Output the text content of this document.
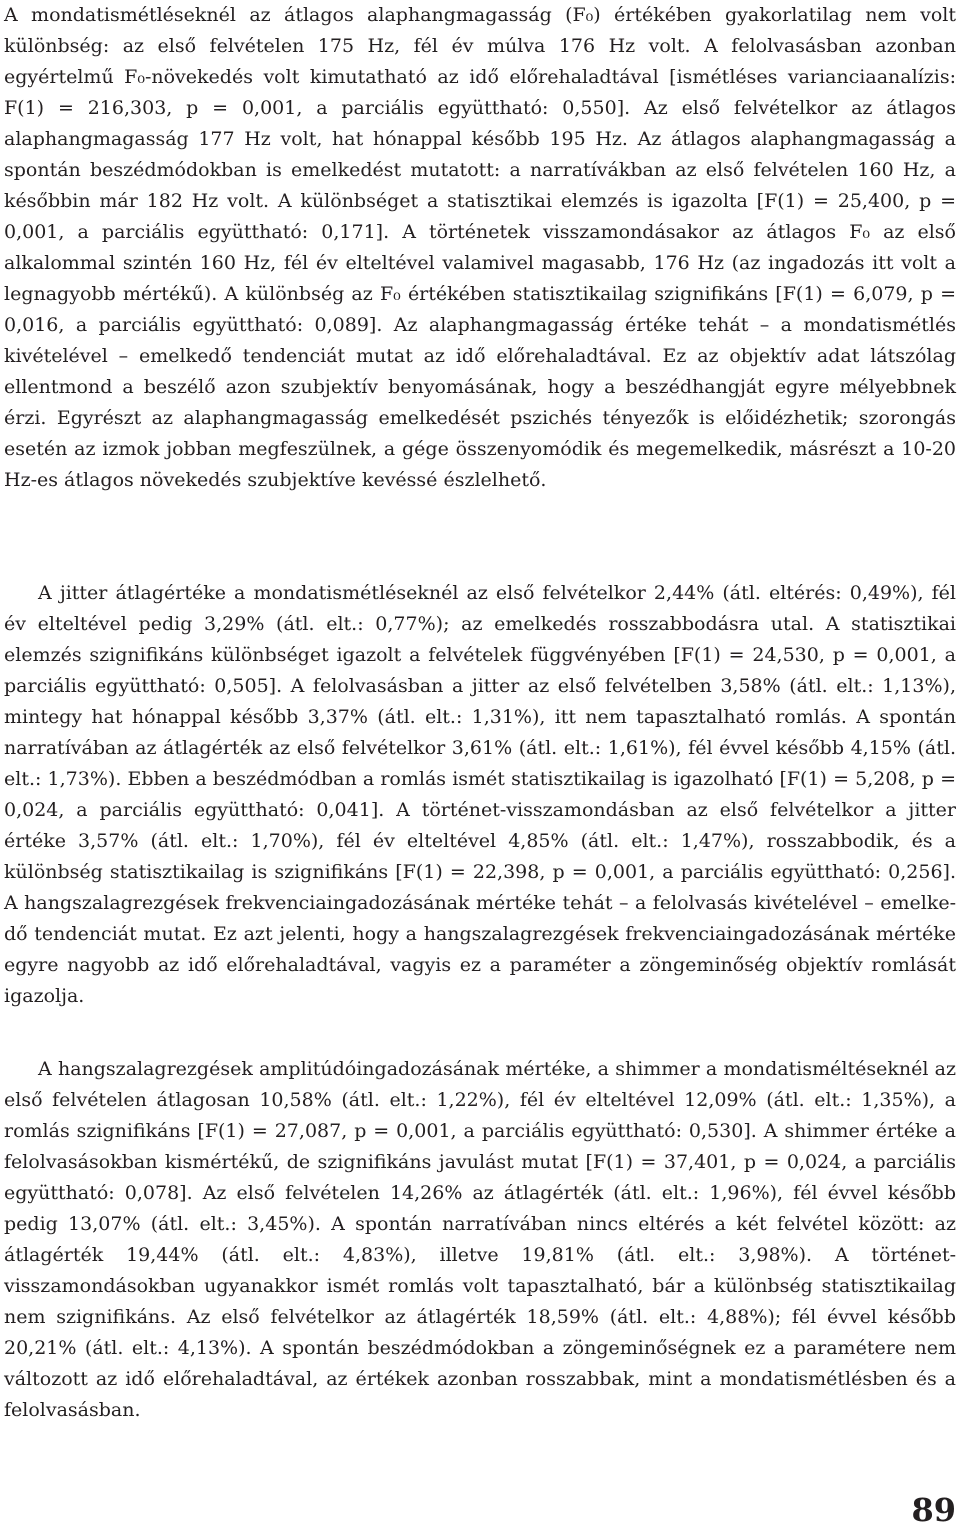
A mondatismétléseknél az átlagos alaphangmagasság (F₀) értékében gyakorlatilag nem volt különbség: az első felvételen 175 Hz, fél év múlva 176 Hz volt. A felolvasásban azonban egyértelmű F₀-növekedés volt kimutatható az idő előrehaladtával [ismétléses varianciaanalízis: F(1) = 216,303, p = 0,001, a parciális együttható: 0,550]. Az első felvételkor az átlagos alaphangmagasság 177 Hz volt, hat hónappal később 195 Hz. Az átlagos alaphangmagasság a spontán beszédmódokban is emelkedést mutatott: a narratívákban az első felvételen 160 Hz, a későbbin már 182 Hz volt. A különbséget a statisztikai elemzés is igazolta [F(1) = 25,400, p = 0,001, a parciális együttható: 0,171]. A történetek visszamondásakor az átlagos F₀ az első alkalommal szintén 160 Hz, fél év elteltével valamivel magasabb, 176 Hz (az ingadozás itt volt a legnagyobb mértékű). A különbség az F₀ értékében statisztikailag szignifikáns [F(1) = 6,079, p = 0,016, a parciális együttható: 0,089]. Az alaphangmagasság értéke tehát – a mondatismétlés kivételével – emelkedő tendenciát mutat az idő előrehaladtával. Ez az objektív adat látszólag ellentmond a beszélő azon szubjektív benyomásának, hogy a beszédhangját egyre mélyebbnek érzi. Egyrészt az alaphangmagasság emelkedését pszichés tényezők is előidézhetik; szorongás esetén az izmok jobban megfeszülnek, a gége összenyomódik és megemelkedik, másrészt a 10-20 Hz-es átlagos növekedés szubjektíve kevéssé észlelhető.

A jitter átlagértéke a mondatismétléseknél az első felvételkor 2,44% (átl. eltérés: 0,49%), fél év elteltével pedig 3,29% (átl. elt.: 0,77%); az emelkedés rosszabbodásra utal. A statisztikai elemzés szignifikáns különbséget igazolt a felvételek függvényében [F(1) = 24,530, p = 0,001, a parciális együttható: 0,505]. A felolvasásban a jitter az első felvételben 3,58% (átl. elt.: 1,13%), mintegy hat hónappal később 3,37% (átl. elt.: 1,31%), itt nem tapasztalható romlás. A spontán narratívában az átlagérték az első felvételkor 3,61% (átl. elt.: 1,61%), fél évvel később 4,15% (átl. elt.: 1,73%). Ebben a beszédmódban a romlás ismét statisztikailag is igazolható [F(1) = 5,208, p = 0,024, a parciális együttható: 0,041]. A történet-visszamondásban az első felvételkor a jitter értéke 3,57% (átl. elt.: 1,70%), fél év elteltével 4,85% (átl. elt.: 1,47%), rosszabbodik, és a különbség statisztikailag is szignifikáns [F(1) = 22,398, p = 0,001, a parciális együttható: 0,256]. A hangszalagrezgések frekvenciaingadozásának mértéke tehát – a felolvasás kivételével – emelkedő tendenciát mutat. Ez azt jelenti, hogy a hangszalagrezgések frekvenciaingadozásának mértéke egyre nagyobb az idő előrehaladtával, vagyis ez a paraméter a zöngeminőség objektív romlását igazolja.

A hangszalagrezgések amplitúdóingadozásának mértéke, a shimmer a mondatisméltéseknél az első felvételen átlagosan 10,58% (átl. elt.: 1,22%), fél év elteltével 12,09% (átl. elt.: 1,35%), a romlás szignifikáns [F(1) = 27,087, p = 0,001, a parciális együttható: 0,530]. A shimmer értéke a felolvasásokban kismértékű, de szignifikáns javulást mutat [F(1) = 37,401, p = 0,024, a parciális együttható: 0,078]. Az első felvételen 14,26% az átlagérték (átl. elt.: 1,96%), fél évvel később pedig 13,07% (átl. elt.: 3,45%). A spontán narratívában nincs eltérés a két felvétel között: az átlagérték 19,44% (átl. elt.: 4,83%), illetve 19,81% (átl. elt.: 3,98%). A történet-visszamondásokban ugyanakkor ismét romlás volt tapasztalható, bár a különbség statisztikailag nem szignifikáns. Az első felvételkor az átlagérték 18,59% (átl. elt.: 4,88%); fél évvel később 20,21% (átl. elt.: 4,13%). A spontán beszédmódokban a zöngeminőségnek ez a paramétere nem változott az idő előrehaladtával, az értékek azonban rosszabbak, mint a mondatismétlésben és a felolvasásban.

89
